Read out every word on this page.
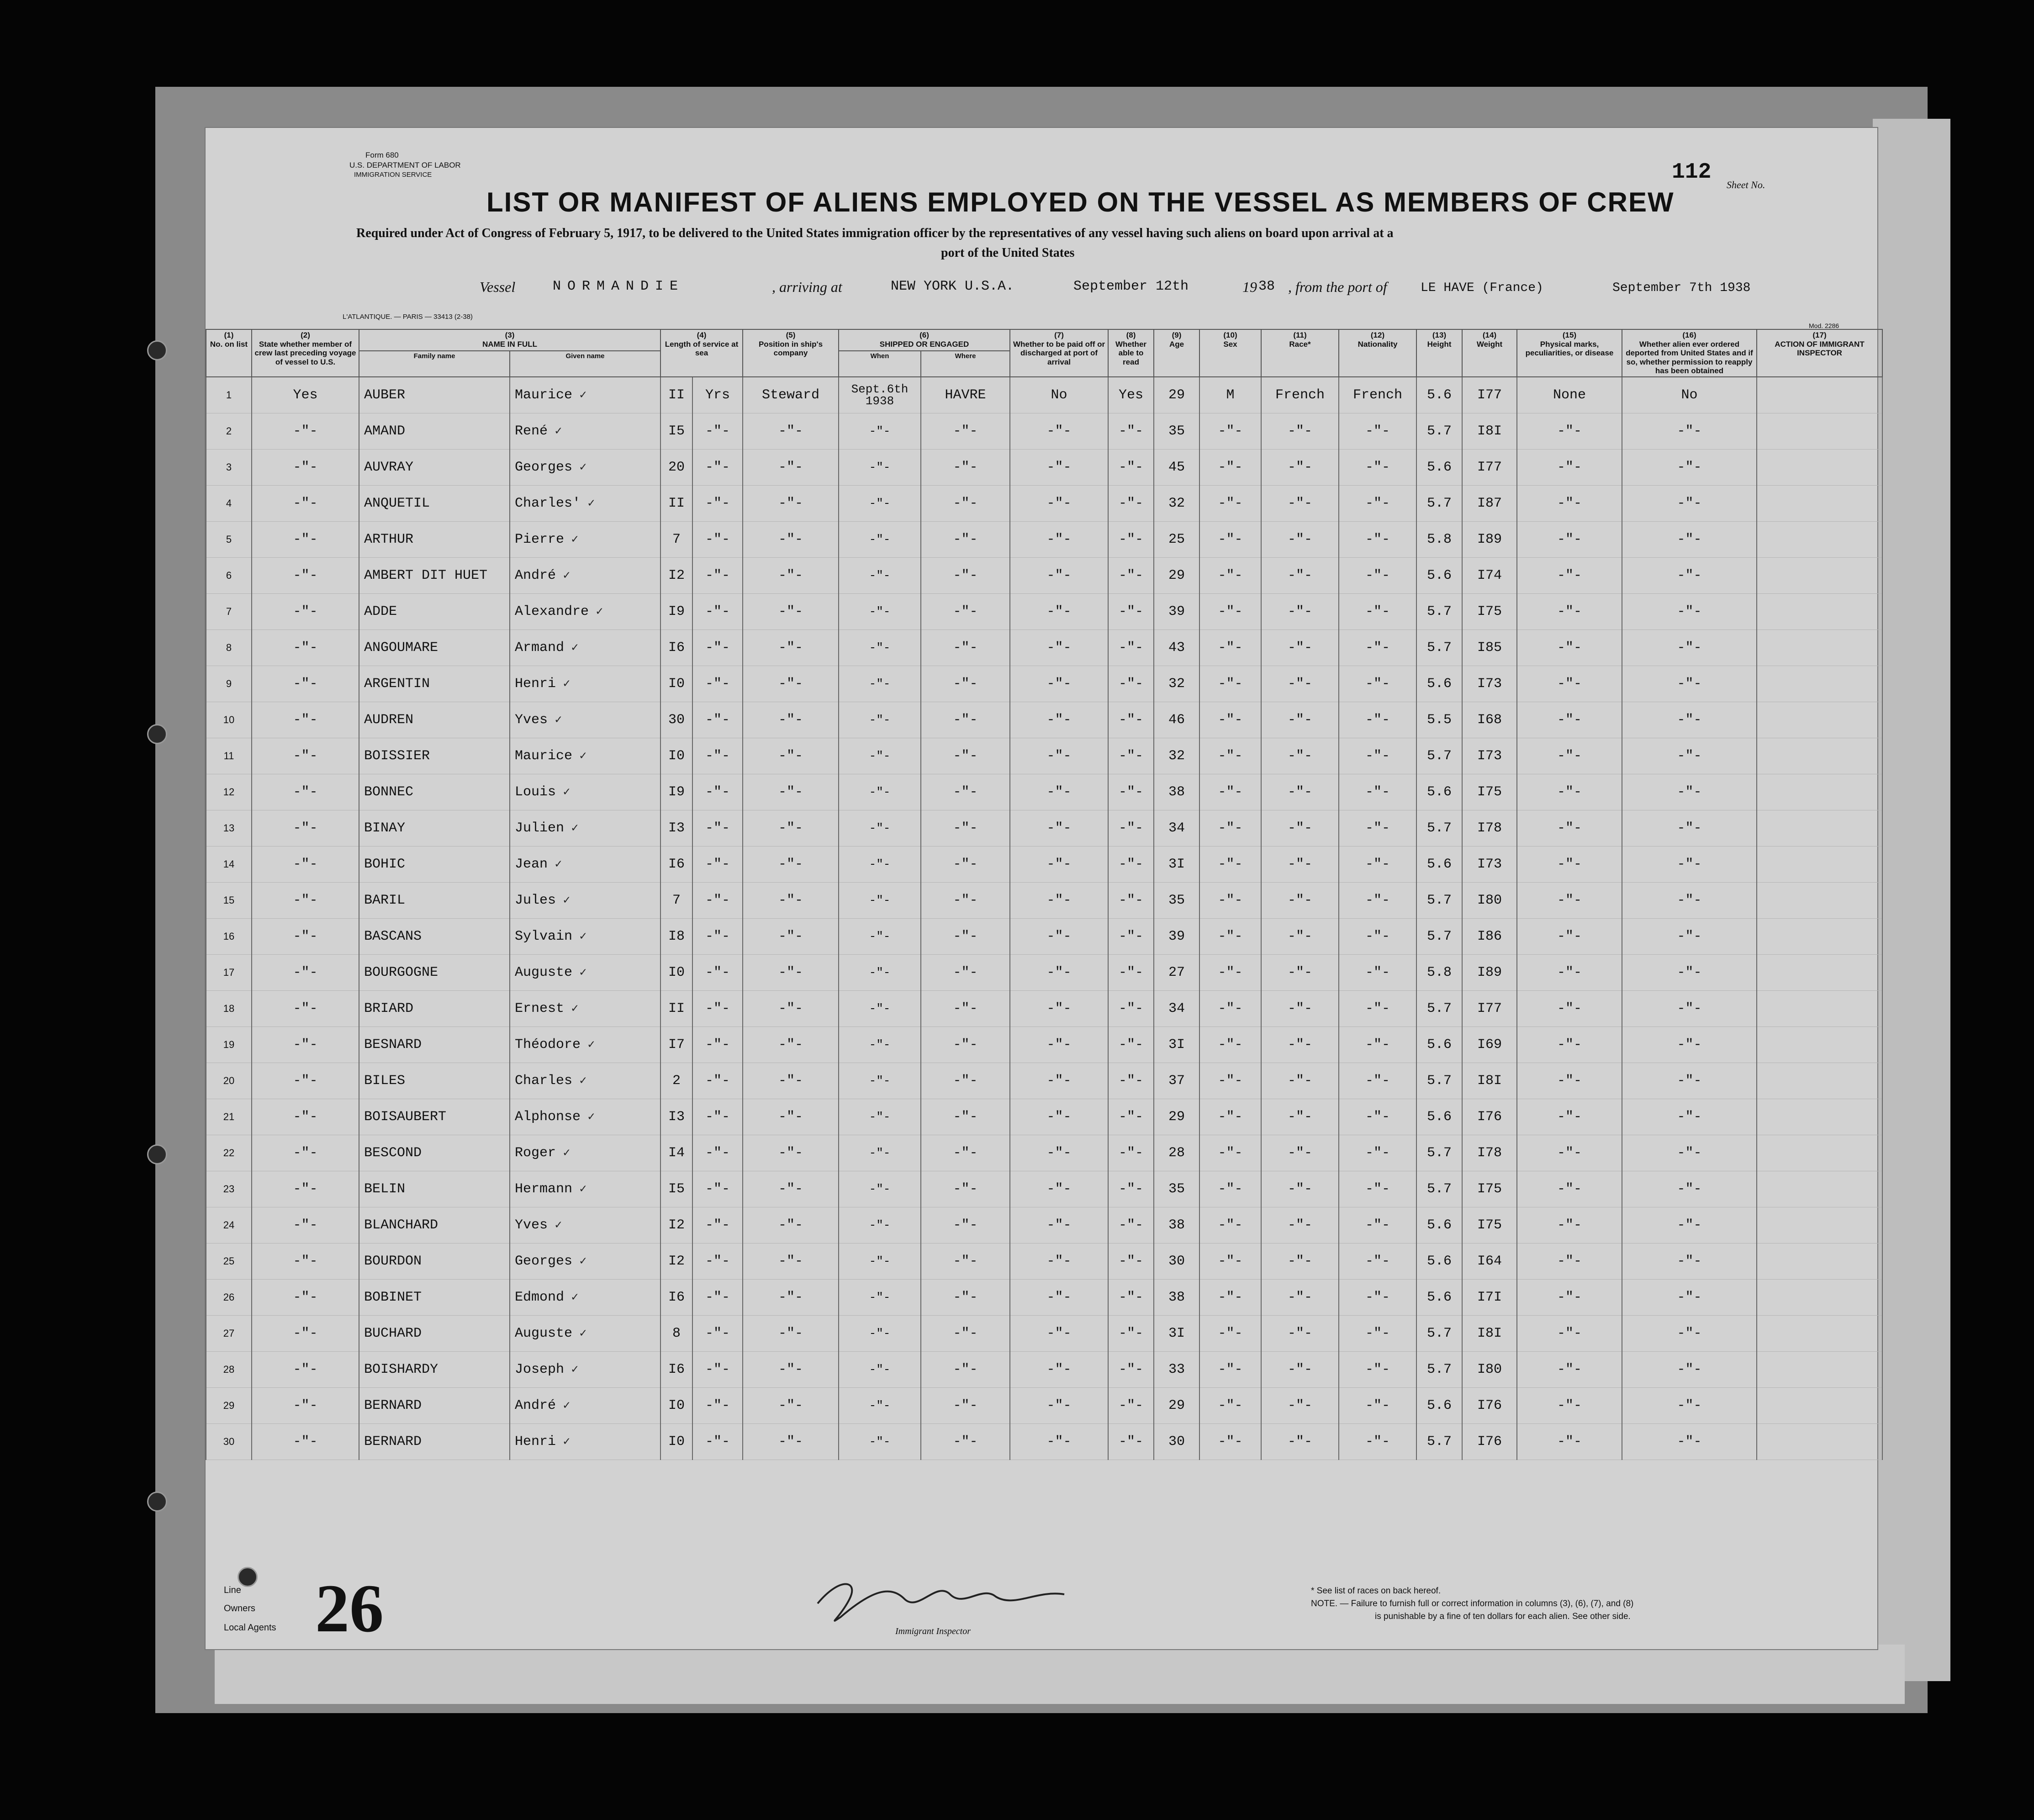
Form 680
U.S. DEPARTMENT OF LABOR
IMMIGRATION SERVICE	112
Sheet No.
LIST OR MANIFEST OF ALIENS EMPLOYED ON THE VESSEL AS MEMBERS OF CREW
Required under Act of Congress of February 5, 1917, to be delivered to the United States immigration officer by the representatives of any vessel having such aliens on board upon arrival at a
port of the United States
Vessel	NORMANDIE	, arriving at	NEW YORK U.S.A.	September 12th	19 38 , from the port of	LE HAVE (France)	September 7th 1938
L'ATLANTIQUE. — PARIS — 33413 (2-38)
Mod. 2286
(1)
No. on list	(2)
State whether member of crew last preceding voyage of vessel to U.S.	(3)
NAME IN FULL		(4)
Length of service at sea		(5)
Position in ship's company	(6)
SHIPPED OR ENGAGED		(7)
Whether to be paid off or discharged at port of arrival	(8)
Whether able to read	(9)
Age	(10)
Sex	(11)
Race*	(12)
Nationality	(13)
Height	(14)
Weight	(15)
Physical marks, peculiarities, or disease	(16)
Whether alien ever ordered deported from United States and if so, whether permission to reapply has been obtained	(17)
ACTION OF IMMIGRANT INSPECTOR
		Family name	Given name				When	Where											
1	Yes	AUBER	Maurice ✓	II	Yrs	Steward	Sept.6th 1938	HAVRE	No	Yes	29	M	French	French	5.6	I77	None	No	
2	-"-	AMAND	René ✓	I5	-"-	-"-	-"-	-"-	-"-	-"-	35	-"-	-"-	-"-	5.7	I8I	-"-	-"-	
3	-"-	AUVRAY	Georges ✓	20	-"-	-"-	-"-	-"-	-"-	-"-	45	-"-	-"-	-"-	5.6	I77	-"-	-"-	
4	-"-	ANQUETIL	Charles' ✓	II	-"-	-"-	-"-	-"-	-"-	-"-	32	-"-	-"-	-"-	5.7	I87	-"-	-"-	
5	-"-	ARTHUR	Pierre ✓	7	-"-	-"-	-"-	-"-	-"-	-"-	25	-"-	-"-	-"-	5.8	I89	-"-	-"-	
6	-"-	AMBERT DIT HUET	André ✓	I2	-"-	-"-	-"-	-"-	-"-	-"-	29	-"-	-"-	-"-	5.6	I74	-"-	-"-	
7	-"-	ADDE	Alexandre ✓	I9	-"-	-"-	-"-	-"-	-"-	-"-	39	-"-	-"-	-"-	5.7	I75	-"-	-"-	
8	-"-	ANGOUMARE	Armand ✓	I6	-"-	-"-	-"-	-"-	-"-	-"-	43	-"-	-"-	-"-	5.7	I85	-"-	-"-	
9	-"-	ARGENTIN	Henri ✓	I0	-"-	-"-	-"-	-"-	-"-	-"-	32	-"-	-"-	-"-	5.6	I73	-"-	-"-	
10	-"-	AUDREN	Yves ✓	30	-"-	-"-	-"-	-"-	-"-	-"-	46	-"-	-"-	-"-	5.5	I68	-"-	-"-	
11	-"-	BOISSIER	Maurice ✓	I0	-"-	-"-	-"-	-"-	-"-	-"-	32	-"-	-"-	-"-	5.7	I73	-"-	-"-	
12	-"-	BONNEC	Louis ✓	I9	-"-	-"-	-"-	-"-	-"-	-"-	38	-"-	-"-	-"-	5.6	I75	-"-	-"-	
13	-"-	BINAY	Julien ✓	I3	-"-	-"-	-"-	-"-	-"-	-"-	34	-"-	-"-	-"-	5.7	I78	-"-	-"-	
14	-"-	BOHIC	Jean ✓	I6	-"-	-"-	-"-	-"-	-"-	-"-	3I	-"-	-"-	-"-	5.6	I73	-"-	-"-	
15	-"-	BARIL	Jules ✓	7	-"-	-"-	-"-	-"-	-"-	-"-	35	-"-	-"-	-"-	5.7	I80	-"-	-"-	
16	-"-	BASCANS	Sylvain ✓	I8	-"-	-"-	-"-	-"-	-"-	-"-	39	-"-	-"-	-"-	5.7	I86	-"-	-"-	
17	-"-	BOURGOGNE	Auguste ✓	I0	-"-	-"-	-"-	-"-	-"-	-"-	27	-"-	-"-	-"-	5.8	I89	-"-	-"-	
18	-"-	BRIARD	Ernest ✓	II	-"-	-"-	-"-	-"-	-"-	-"-	34	-"-	-"-	-"-	5.7	I77	-"-	-"-	
19	-"-	BESNARD	Théodore ✓	I7	-"-	-"-	-"-	-"-	-"-	-"-	3I	-"-	-"-	-"-	5.6	I69	-"-	-"-	
20	-"-	BILES	Charles ✓	2	-"-	-"-	-"-	-"-	-"-	-"-	37	-"-	-"-	-"-	5.7	I8I	-"-	-"-	
21	-"-	BOISAUBERT	Alphonse ✓	I3	-"-	-"-	-"-	-"-	-"-	-"-	29	-"-	-"-	-"-	5.6	I76	-"-	-"-	
22	-"-	BESCOND	Roger ✓	I4	-"-	-"-	-"-	-"-	-"-	-"-	28	-"-	-"-	-"-	5.7	I78	-"-	-"-	
23	-"-	BELIN	Hermann ✓	I5	-"-	-"-	-"-	-"-	-"-	-"-	35	-"-	-"-	-"-	5.7	I75	-"-	-"-	
24	-"-	BLANCHARD	Yves ✓	I2	-"-	-"-	-"-	-"-	-"-	-"-	38	-"-	-"-	-"-	5.6	I75	-"-	-"-	
25	-"-	BOURDON	Georges ✓	I2	-"-	-"-	-"-	-"-	-"-	-"-	30	-"-	-"-	-"-	5.6	I64	-"-	-"-	
26	-"-	BOBINET	Edmond ✓	I6	-"-	-"-	-"-	-"-	-"-	-"-	38	-"-	-"-	-"-	5.6	I7I	-"-	-"-	
27	-"-	BUCHARD	Auguste ✓	8	-"-	-"-	-"-	-"-	-"-	-"-	3I	-"-	-"-	-"-	5.7	I8I	-"-	-"-	
28	-"-	BOISHARDY	Joseph ✓	I6	-"-	-"-	-"-	-"-	-"-	-"-	33	-"-	-"-	-"-	5.7	I80	-"-	-"-	
29	-"-	BERNARD	André ✓	I0	-"-	-"-	-"-	-"-	-"-	-"-	29	-"-	-"-	-"-	5.6	I76	-"-	-"-	
30	-"-	BERNARD	Henri ✓	I0	-"-	-"-	-"-	-"-	-"-	-"-	30	-"-	-"-	-"-	5.7	I76	-"-	-"-	
Line
Owners
Local Agents 26	Immigrant Inspector
* See list of races on back hereof.
NOTE. — Failure to furnish full or correct information in columns (3), (6), (7), and (8)
is punishable by a fine of ten dollars for each alien. See other side.
